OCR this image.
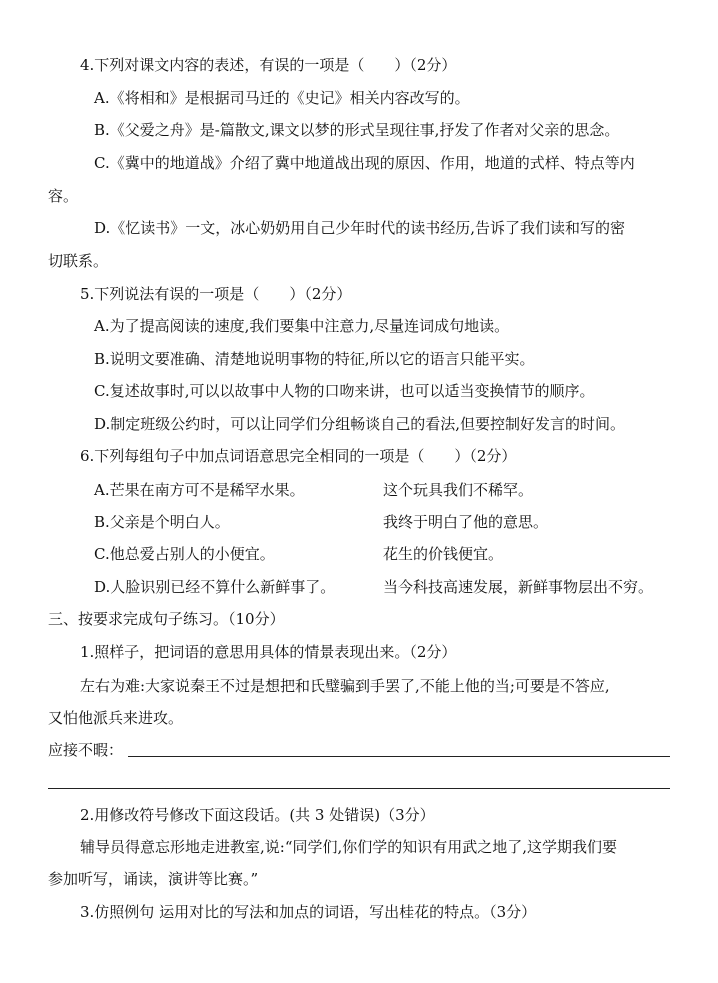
4.下列对课文内容的表述，有误的一项是（　　）（2分）
A.《将相和》是根据司马迁的《史记》相关内容改写的。
B.《父爱之舟》是-篇散文,课文以梦的形式呈现往事,抒发了作者对父亲的思念。
C.《冀中的地道战》介绍了冀中地道战出现的原因、作用，地道的式样、特点等内
容。
D.《忆读书》一文，冰心奶奶用自己少年时代的读书经历,告诉了我们读和写的密
切联系。
5.下列说法有误的一项是（　　）（2分）
A.为了提高阅读的速度,我们要集中注意力,尽量连词成句地读。
B.说明文要准确、清楚地说明事物的特征,所以它的语言只能平实。
C.复述故事时,可以以故事中人物的口吻来讲，也可以适当变换情节的顺序。
D.制定班级公约时，可以让同学们分组畅谈自己的看法,但要控制好发言的时间。
6.下列每组句子中加点词语意思完全相同的一项是（　　）（2分）
A.芒果在南方可不是稀罕水果。	这个玩具我们不稀罕。
B.父亲是个明白人。	我终于明白了他的意思。
C.他总爱占别人的小便宜。	花生的价钱便宜。
D.人脸识别已经不算什么新鲜事了。	当今科技高速发展，新鲜事物层出不穷。
三、按要求完成句子练习。（10分）
1.照样子，把词语的意思用具体的情景表现出来。（2分）
左右为难:大家说秦王不过是想把和氏璧骗到手罢了,不能上他的当;可要是不答应,
又怕他派兵来进攻。
应接不暇：
2.用修改符号修改下面这段话。(共 3 处错误)（3分）
辅导员得意忘形地走进教室,说:“同学们,你们学的知识有用武之地了,这学期我们要
参加听写，诵读，演讲等比赛。”
3.仿照例句 运用对比的写法和加点的词语，写出桂花的特点。（3分）
